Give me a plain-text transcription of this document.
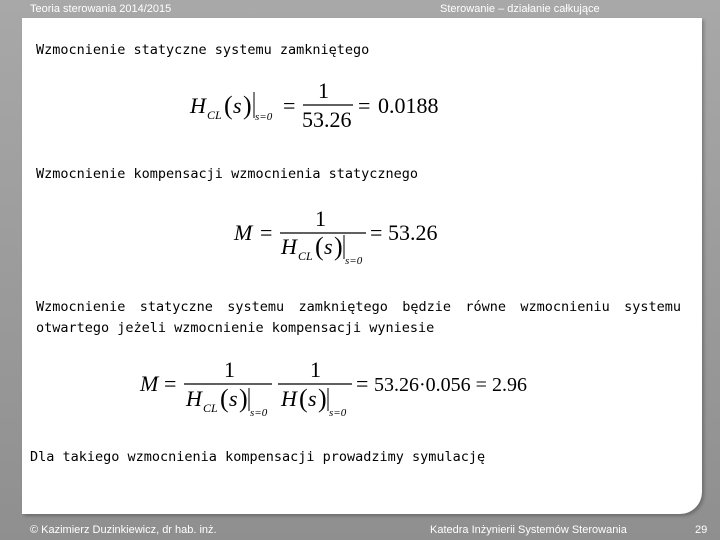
Teoria sterowania 2014/2015	Sterowanie – działanie całkujące
Wzmocnienie statyczne systemu zamkniętego
H CL ( s ) s=0 =
1
53.26
= 0.0188
Wzmocnienie kompensacji wzmocnienia statycznego
M =
1
H CL ( s ) s=0
= 53.26
Wzmocnienie statyczne systemu zamkniętego będzie równe wzmocnieniu systemu otwartego jeżeli wzmocnienie kompensacji wyniesie
M =
1
H CL ( s ) s=0
1
H ( s ) s=0
= 53.26·0.056 = 2.96
Dla takiego wzmocnienia kompensacji prowadzimy symulację
© Kazimierz Duzinkiewicz, dr hab. inż.	Katedra Inżynierii Systemów Sterowania	29
